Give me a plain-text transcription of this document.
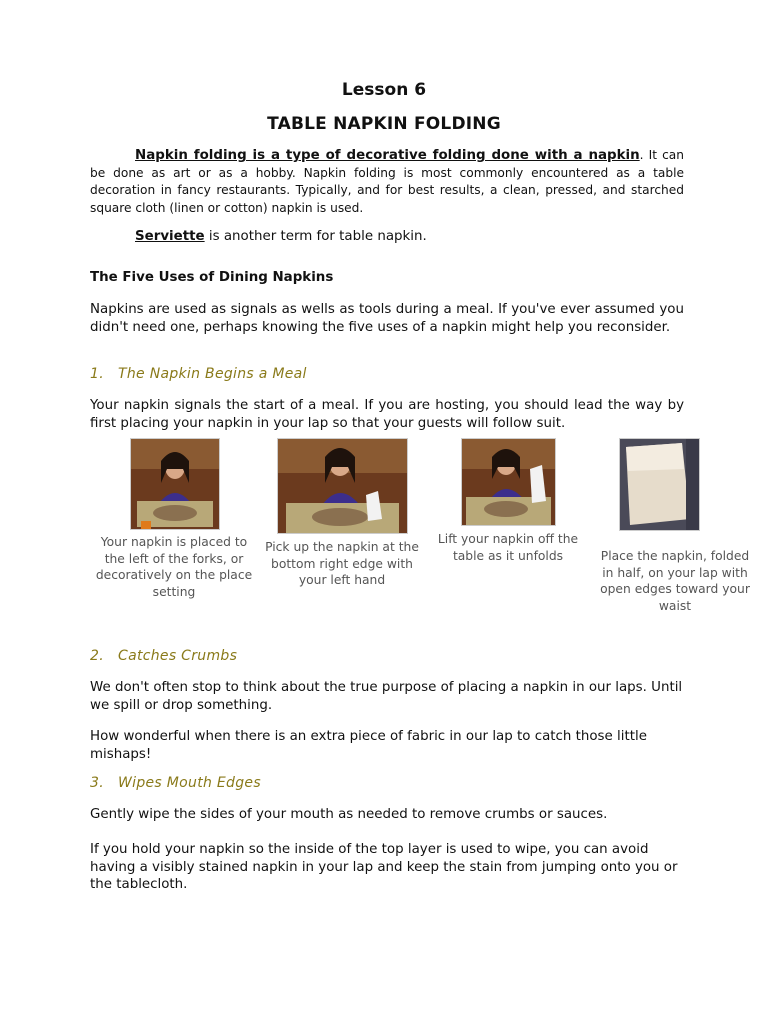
Lesson 6
TABLE NAPKIN FOLDING
Napkin folding is a type of decorative folding done with a napkin. It can be done as art or as a hobby. Napkin folding is most commonly encountered as a table decoration in fancy restaurants. Typically, and for best results, a clean, pressed, and starched square cloth (linen or cotton) napkin is used.
Serviette is another term for table napkin.
The Five Uses of Dining Napkins
Napkins are used as signals as wells as tools during a meal. If you've ever assumed you didn't need one, perhaps knowing the five uses of a napkin might help you reconsider.
1. The Napkin Begins a Meal
Your napkin signals the start of a meal. If you are hosting, you should lead the way by first placing your napkin in your lap so that your guests will follow suit.
Your napkin is placed to the left of the forks, or decoratively on the place setting
Pick up the napkin at the bottom right edge with your left hand
Lift your napkin off the table as it unfolds	Place the napkin, folded in half, on your lap with open edges toward your waist
2. Catches Crumbs
We don't often stop to think about the true purpose of placing a napkin in our laps. Until we spill or drop something.
How wonderful when there is an extra piece of fabric in our lap to catch those little mishaps!
3. Wipes Mouth Edges
Gently wipe the sides of your mouth as needed to remove crumbs or sauces.
If you hold your napkin so the inside of the top layer is used to wipe, you can avoid having a visibly stained napkin in your lap and keep the stain from jumping onto you or the tablecloth.
